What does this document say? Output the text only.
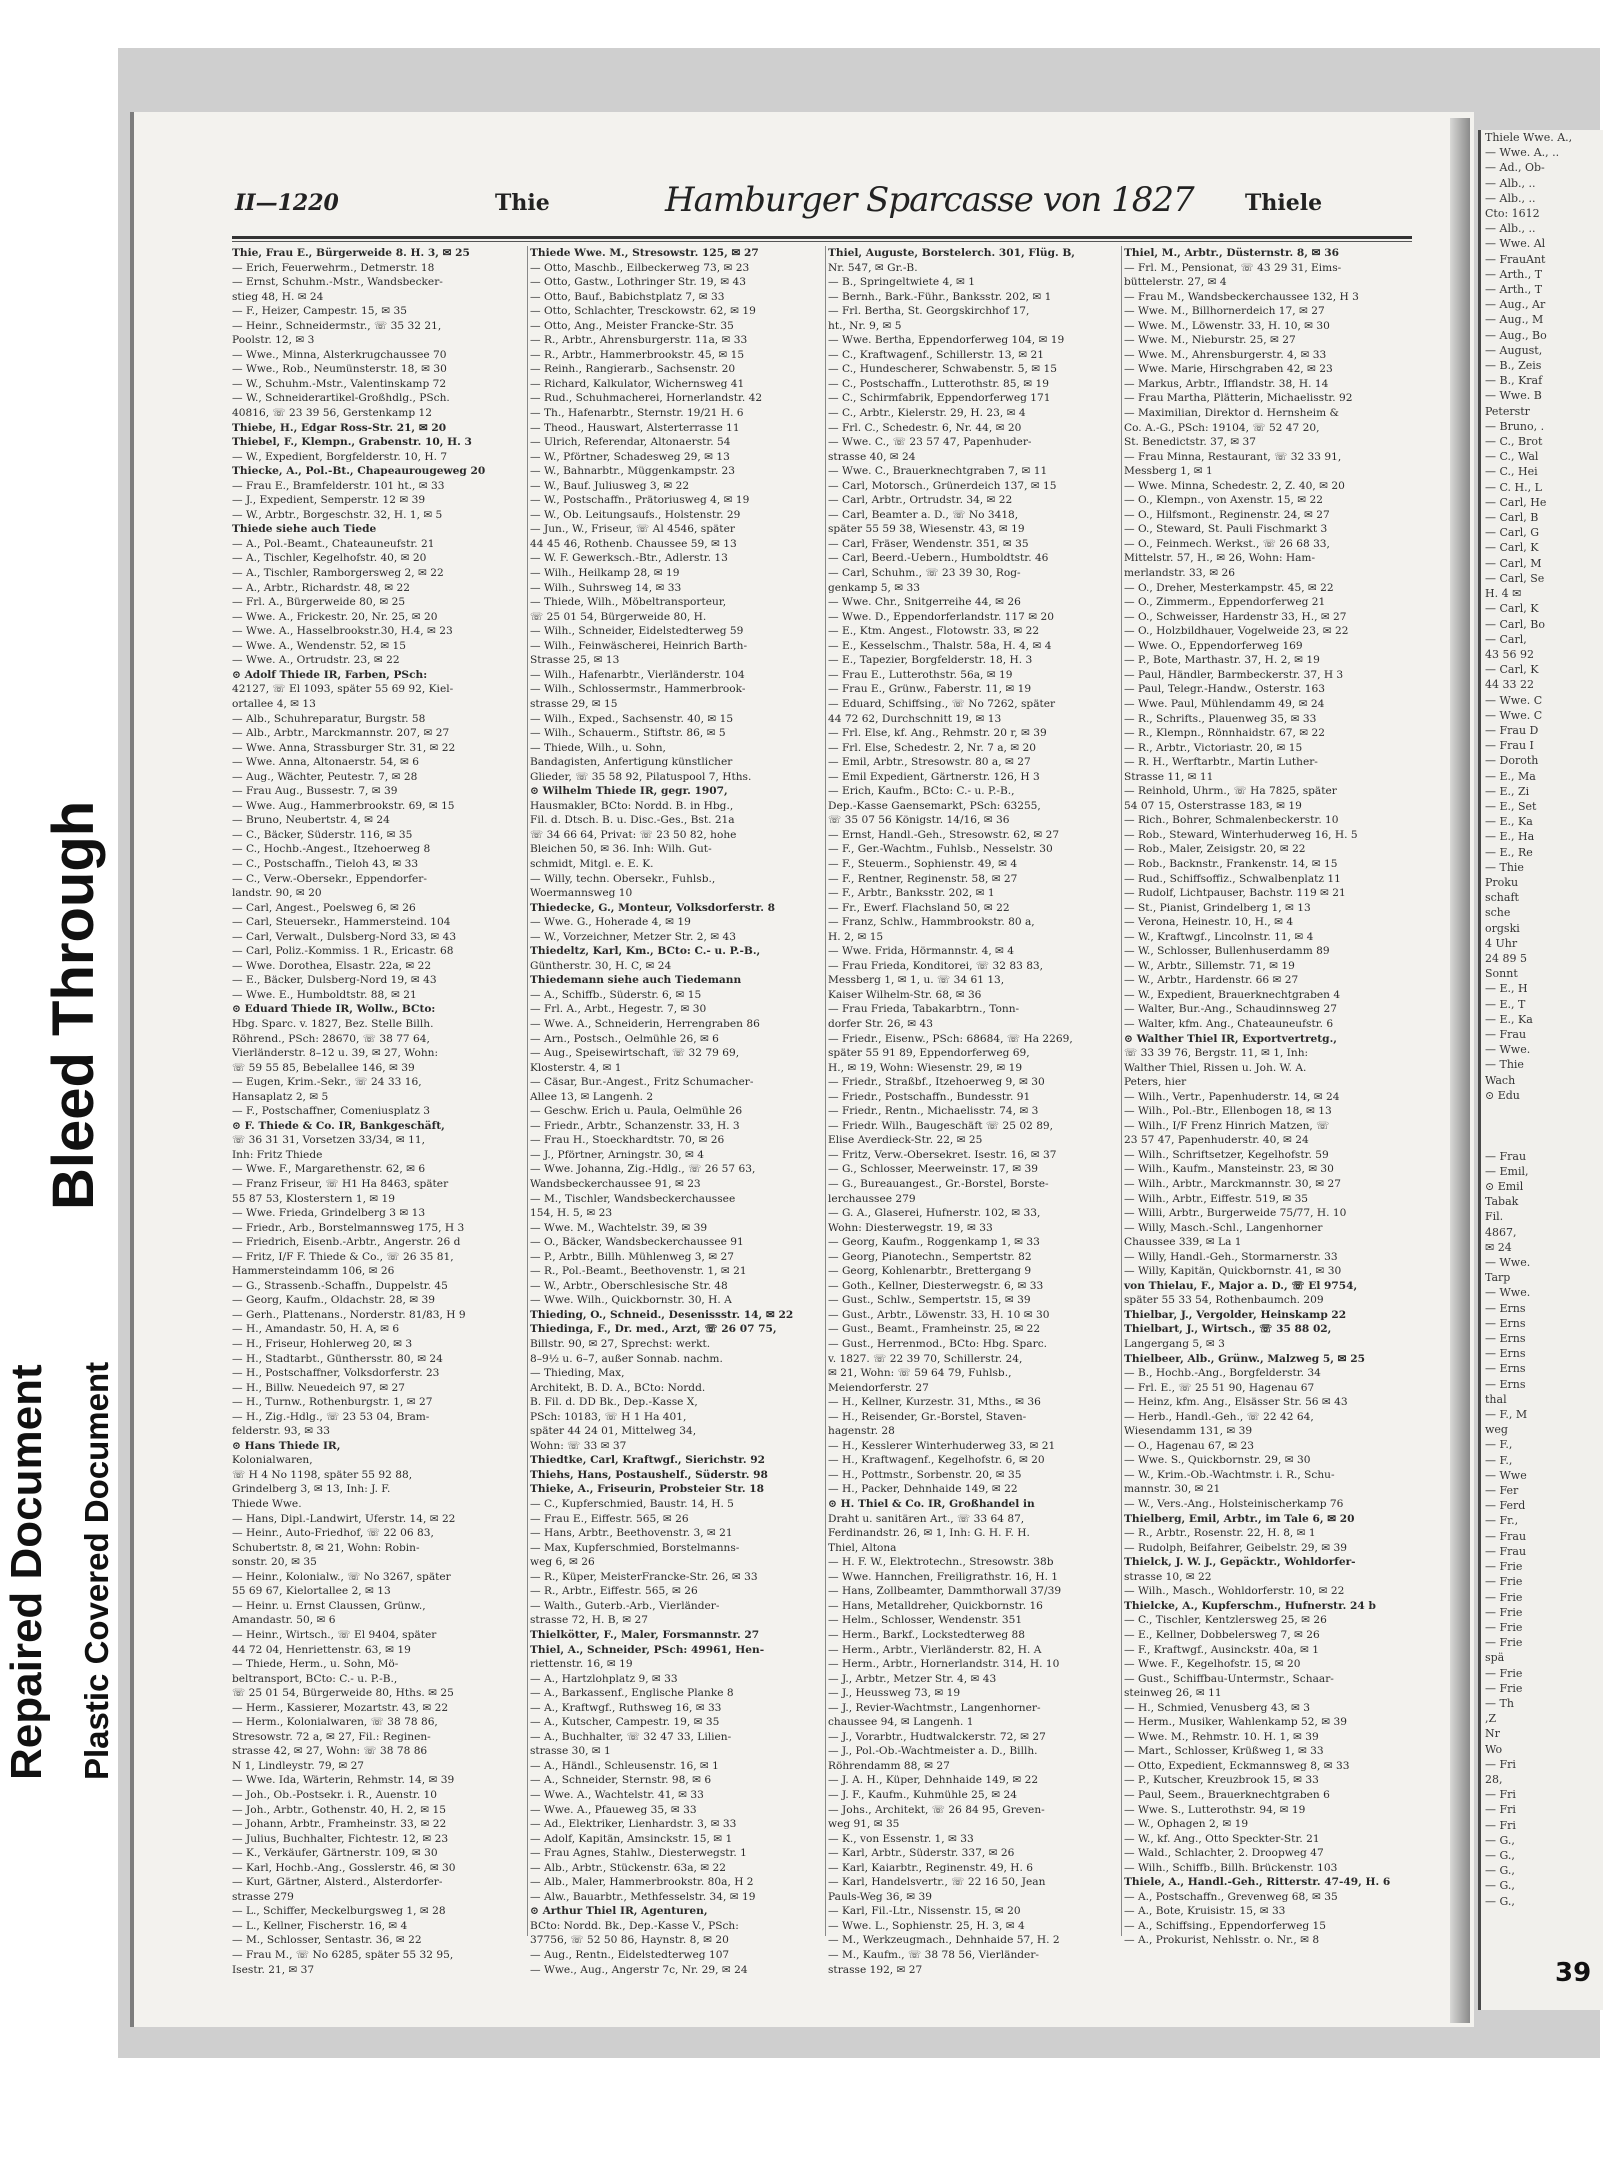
Repaired Document Plastic Covered Document
Bleed Through
Thiele Wwe. A.,
— Wwe. A., ..
— Ad., Ob-
— Alb., ..
— Alb., ..
Cto: 1612
— Alb., ..
— Wwe. Al
— FrauAnt
— Arth., T
— Arth., T
— Aug., Ar
— Aug., M
— Aug., Bo
— August,
— B., Zeis
— B., Kraf
— Wwe. B
Peterstr
— Bruno, .
— C., Brot
— C., Wal
— C., Hei
— C. H., L
— Carl, He
— Carl, B
— Carl, G
— Carl, K
— Carl, M
— Carl, Se
H. 4 ✉
— Carl, K
— Carl, Bo
— Carl,
43 56 92
— Carl, K
44 33 22
— Wwe. C
— Wwe. C
— Frau D
— Frau I
— Doroth
— E., Ma
— E., Zi
— E., Set
— E., Ka
— E., Ha
— E., Re
— Thie
Proku
schaft
sche
orgski
4 Uhr
24 89 5
Sonnt
— E., H
— E., T
— E., Ka
— Frau
— Wwe.
— Thie
Wach
⊙ Edu

— Frau
— Emil,
⊙ Emil
Tabak
Fil.
4867,
✉ 24
— Wwe.
Tarp
— Wwe.
— Erns
— Erns
— Erns
— Erns
— Erns
— Erns
thal
— F., M
weg
— F.,
— F.,
— Wwe
— Fer
— Ferd
— Fr.,
— Frau
— Frau
— Frie
— Frie
— Frie
— Frie
— Frie
— Frie
spä
— Frie
— Frie
— Th
,Z
Nr
Wo
— Fri
28,
— Fri
— Fri
— Fri
— G.,
— G.,
— G.,
— G.,
— G.,
II—1220	Thie	Hamburger Sparcasse von 1827 Thiele
Thie, Frau E., Bürgerweide 8. H. 3, ✉ 25
— Erich, Feuerwehrm., Detmerstr. 18
— Ernst, Schuhm.-Mstr., Wandsbecker-
stieg 48, H. ✉ 24
— F., Heizer, Campestr. 15, ✉ 35
— Heinr., Schneidermstr., ☏ 35 32 21,
Poolstr. 12, ✉ 3
— Wwe., Minna, Alsterkrugchaussee 70
— Wwe., Rob., Neumünsterstr. 18, ✉ 30
— W., Schuhm.-Mstr., Valentinskamp 72
— W., Schneiderartikel-Großhdlg., PSch.
40816, ☏ 23 39 56, Gerstenkamp 12
Thiebe, H., Edgar Ross-Str. 21, ✉ 20
Thiebel, F., Klempn., Grabenstr. 10, H. 3
— W., Expedient, Borgfelderstr. 10, H. 7
Thiecke, A., Pol.-Bt., Chapeaurougeweg 20
— Frau E., Bramfelderstr. 101 ht., ✉ 33
— J., Expedient, Semperstr. 12 ✉ 39
— W., Arbtr., Borgeschstr. 32, H. 1, ✉ 5
Thiede siehe auch Tiede
— A., Pol.-Beamt., Chateauneufstr. 21
— A., Tischler, Kegelhofstr. 40, ✉ 20
— A., Tischler, Ramborgersweg 2, ✉ 22
— A., Arbtr., Richardstr. 48, ✉ 22
— Frl. A., Bürgerweide 80, ✉ 25
— Wwe. A., Frickestr. 20, Nr. 25, ✉ 20
— Wwe. A., Hasselbrookstr.30, H.4, ✉ 23
— Wwe. A., Wendenstr. 52, ✉ 15
— Wwe. A., Ortrudstr. 23, ✉ 22
⊙ Adolf Thiede IR, Farben, PSch:
42127, ☏ El 1093, später 55 69 92, Kiel-
ortallee 4, ✉ 13
— Alb., Schuhreparatur, Burgstr. 58
— Alb., Arbtr., Marckmannstr. 207, ✉ 27
— Wwe. Anna, Strassburger Str. 31, ✉ 22
— Wwe. Anna, Altonaerstr. 54, ✉ 6
— Aug., Wächter, Peutestr. 7, ✉ 28
— Frau Aug., Bussestr. 7, ✉ 39
— Wwe. Aug., Hammerbrookstr. 69, ✉ 15
— Bruno, Neubertstr. 4, ✉ 24
— C., Bäcker, Süderstr. 116, ✉ 35
— C., Hochb.-Angest., Itzehoerweg 8
— C., Postschaffn., Tieloh 43, ✉ 33
— C., Verw.-Obersekr., Eppendorfer-
landstr. 90, ✉ 20
— Carl, Angest., Poelsweg 6, ✉ 26
— Carl, Steuersekr., Hammersteind. 104
— Carl, Verwalt., Dulsberg-Nord 33, ✉ 43
— Carl, Poliz.-Kommiss. 1 R., Ericastr. 68
— Wwe. Dorothea, Elsastr. 22a, ✉ 22
— E., Bäcker, Dulsberg-Nord 19, ✉ 43
— Wwe. E., Humboldtstr. 88, ✉ 21
⊙ Eduard Thiede IR, Wollw., BCto:
Hbg. Sparc. v. 1827, Bez. Stelle Billh.
Röhrend., PSch: 28670, ☏ 38 77 64,
Vierländerstr. 8–12 u. 39, ✉ 27, Wohn:
☏ 59 55 85, Bebelallee 146, ✉ 39
— Eugen, Krim.-Sekr., ☏ 24 33 16,
Hansaplatz 2, ✉ 5
— F., Postschaffner, Comeniusplatz 3
⊙ F. Thiede & Co. IR, Bankgeschäft,
☏ 36 31 31, Vorsetzen 33/34, ✉ 11,
Inh: Fritz Thiede
— Wwe. F., Margarethenstr. 62, ✉ 6
— Franz Friseur, ☏ H1 Ha 8463, später
55 87 53, Klosterstern 1, ✉ 19
— Wwe. Frieda, Grindelberg 3 ✉ 13
— Friedr., Arb., Borstelmannsweg 175, H 3
— Friedrich, Eisenb.-Arbtr., Angerstr. 26 d
— Fritz, I/F F. Thiede & Co., ☏ 26 35 81,
Hammersteindamm 106, ✉ 26
— G., Strassenb.-Schaffn., Duppelstr. 45
— Georg, Kaufm., Oldachstr. 28, ✉ 39
— Gerh., Plattenans., Norderstr. 81/83, H 9
— H., Amandastr. 50, H. A, ✉ 6
— H., Friseur, Hohlerweg 20, ✉ 3
— H., Stadtarbt., Günthersstr. 80, ✉ 24
— H., Postschaffner, Volksdorferstr. 23
— H., Billw. Neuedeich 97, ✉ 27
— H., Turnw., Rothenburgstr. 1, ✉ 27
— H., Zig.-Hdlg., ☏ 23 53 04, Bram-
felderstr. 93, ✉ 33
⊙ Hans Thiede IR,
Kolonialwaren,
☏ H 4 No 1198, später 55 92 88,
Grindelberg 3, ✉ 13, Inh: J. F.
Thiede Wwe.
— Hans, Dipl.-Landwirt, Uferstr. 14, ✉ 22
— Heinr., Auto-Friedhof, ☏ 22 06 83,
Schubertstr. 8, ✉ 21, Wohn: Robin-
sonstr. 20, ✉ 35
— Heinr., Kolonialw., ☏ No 3267, später
55 69 67, Kielortallee 2, ✉ 13
— Heinr. u. Ernst Claussen, Grünw.,
Amandastr. 50, ✉ 6
— Heinr., Wirtsch., ☏ El 9404, später
44 72 04, Henriettenstr. 63, ✉ 19
— Thiede, Herm., u. Sohn, Mö-
beltransport, BCto: C.- u. P.-B.,
☏ 25 01 54, Bürgerweide 80, Hths. ✉ 25
— Herm., Kassierer, Mozartstr. 43, ✉ 22
— Herm., Kolonialwaren, ☏ 38 78 86,
Stresowstr. 72 a, ✉ 27, Fil.: Reginen-
strasse 42, ✉ 27, Wohn: ☏ 38 78 86
N 1, Lindleystr. 79, ✉ 27
— Wwe. Ida, Wärterin, Rehmstr. 14, ✉ 39
— Joh., Ob.-Postsekr. i. R., Auenstr. 10
— Joh., Arbtr., Gothenstr. 40, H. 2, ✉ 15
— Johann, Arbtr., Framheinstr. 33, ✉ 22
— Julius, Buchhalter, Fichtestr. 12, ✉ 23
— K., Verkäufer, Gärtnerstr. 109, ✉ 30
— Karl, Hochb.-Ang., Gosslerstr. 46, ✉ 30
— Kurt, Gärtner, Alsterd., Alsterdorfer-
strasse 279
— L., Schiffer, Meckelburgsweg 1, ✉ 28
— L., Kellner, Fischerstr. 16, ✉ 4
— M., Schlosser, Sentastr. 36, ✉ 22
— Frau M., ☏ No 6285, später 55 32 95,
Isestr. 21, ✉ 37
Thiede Wwe. M., Stresowstr. 125, ✉ 27
— Otto, Maschb., Eilbeckerweg 73, ✉ 23
— Otto, Gastw., Lothringer Str. 19, ✉ 43
— Otto, Bauf., Babichstplatz 7, ✉ 33
— Otto, Schlachter, Tresckowstr. 62, ✉ 19
— Otto, Ang., Meister Francke-Str. 35
— R., Arbtr., Ahrensburgerstr. 11a, ✉ 33
— R., Arbtr., Hammerbrookstr. 45, ✉ 15
— Reinh., Rangierarb., Sachsenstr. 20
— Richard, Kalkulator, Wichernsweg 41
— Rud., Schuhmacherei, Hornerlandstr. 42
— Th., Hafenarbtr., Sternstr. 19/21 H. 6
— Theod., Hauswart, Alsterterrasse 11
— Ulrich, Referendar, Altonaerstr. 54
— W., Pförtner, Schadesweg 29, ✉ 13
— W., Bahnarbtr., Müggenkampstr. 23
— W., Bauf. Juliusweg 3, ✉ 22
— W., Postschaffn., Prätoriusweg 4, ✉ 19
— W., Ob. Leitungsaufs., Holstenstr. 29
— Jun., W., Friseur, ☏ Al 4546, später
44 45 46, Rothenb. Chaussee 59, ✉ 13
— W. F. Gewerksch.-Btr., Adlerstr. 13
— Wilh., Heilkamp 28, ✉ 19
— Wilh., Suhrsweg 14, ✉ 33
— Thiede, Wilh., Möbeltransporteur,
☏ 25 01 54, Bürgerweide 80, H.
— Wilh., Schneider, Eidelstedterweg 59
— Wilh., Feinwäscherei, Heinrich Barth-
Strasse 25, ✉ 13
— Wilh., Hafenarbtr., Vierländerstr. 104
— Wilh., Schlossermstr., Hammerbrook-
strasse 29, ✉ 15
— Wilh., Exped., Sachsenstr. 40, ✉ 15
— Wilh., Schauerm., Stiftstr. 86, ✉ 5
— Thiede, Wilh., u. Sohn,
Bandagisten, Anfertigung künstlicher
Glieder, ☏ 35 58 92, Pilatuspool 7, Hths.
⊙ Wilhelm Thiede IR, gegr. 1907,
Hausmakler, BCto: Nordd. B. in Hbg.,
Fil. d. Dtsch. B. u. Disc.-Ges., Bst. 21a
☏ 34 66 64, Privat: ☏ 23 50 82, hohe
Bleichen 50, ✉ 36. Inh: Wilh. Gut-
schmidt, Mitgl. e. E. K.
— Willy, techn. Obersekr., Fuhlsb.,
Woermannsweg 10
Thiedecke, G., Monteur, Volksdorferstr. 8
— Wwe. G., Hoherade 4, ✉ 19
— W., Vorzeichner, Metzer Str. 2, ✉ 43
Thiedeltz, Karl, Km., BCto: C.- u. P.-B.,
Güntherstr. 30, H. C, ✉ 24
Thiedemann siehe auch Tiedemann
— A., Schiffb., Süderstr. 6, ✉ 15
— Frl. A., Arbt., Hegestr. 7, ✉ 30
— Wwe. A., Schneiderin, Herrengraben 86
— Arn., Postsch., Oelmühle 26, ✉ 6
— Aug., Speisewirtschaft, ☏ 32 79 69,
Klosterstr. 4, ✉ 1
— Cäsar, Bur.-Angest., Fritz Schumacher-
Allee 13, ✉ Langenh. 2
— Geschw. Erich u. Paula, Oelmühle 26
— Friedr., Arbtr., Schanzenstr. 33, H. 3
— Frau H., Stoeckhardtstr. 70, ✉ 26
— J., Pförtner, Arningstr. 30, ✉ 4
— Wwe. Johanna, Zig.-Hdlg., ☏ 26 57 63,
Wandsbeckerchaussee 91, ✉ 23
— M., Tischler, Wandsbeckerchaussee
154, H. 5, ✉ 23
— Wwe. M., Wachtelstr. 39, ✉ 39
— O., Bäcker, Wandsbeckerchaussee 91
— P., Arbtr., Billh. Mühlenweg 3, ✉ 27
— R., Pol.-Beamt., Beethovenstr. 1, ✉ 21
— W., Arbtr., Oberschlesische Str. 48
— Wwe. Wilh., Quickbornstr. 30, H. A
Thieding, O., Schneid., Desenissstr. 14, ✉ 22
Thiedinga, F., Dr. med., Arzt, ☏ 26 07 75,
Billstr. 90, ✉ 27, Sprechst: werkt.
8–9½ u. 6–7, außer Sonnab. nachm.
— Thieding, Max,
Architekt, B. D. A., BCto: Nordd.
B. Fil. d. DD Bk., Dep.-Kasse X,
PSch: 10183, ☏ H 1 Ha 401,
später 44 24 01, Mittelweg 34,
Wohn: ☏ 33 ✉ 37
Thiedtke, Carl, Kraftwgf., Sierichstr. 92
Thiehs, Hans, Postaushelf., Süderstr. 98
Thieke, A., Friseurin, Probsteier Str. 18
— C., Kupferschmied, Baustr. 14, H. 5
— Frau E., Eiffestr. 565, ✉ 26
— Hans, Arbtr., Beethovenstr. 3, ✉ 21
— Max, Kupferschmied, Borstelmanns-
weg 6, ✉ 26
— R., Küper, MeisterFrancke-Str. 26, ✉ 33
— R., Arbtr., Eiffestr. 565, ✉ 26
— Walth., Guterb.-Arb., Vierländer-
strasse 72, H. B, ✉ 27
Thielkötter, F., Maler, Forsmannstr. 27
Thiel, A., Schneider, PSch: 49961, Hen-
riettenstr. 16, ✉ 19
— A., Hartzlohplatz 9, ✉ 33
— A., Barkassenf., Englische Planke 8
— A., Kraftwgf., Ruthsweg 16, ✉ 33
— A., Kutscher, Campestr. 19, ✉ 35
— A., Buchhalter, ☏ 32 47 33, Lilien-
strasse 30, ✉ 1
— A., Händl., Schleusenstr. 16, ✉ 1
— A., Schneider, Sternstr. 98, ✉ 6
— Wwe. A., Wachtelstr. 41, ✉ 33
— Wwe. A., Pfaueweg 35, ✉ 33
— Ad., Elektriker, Lienhardstr. 3, ✉ 33
— Adolf, Kapitän, Amsinckstr. 15, ✉ 1
— Frau Agnes, Stahlw., Diesterwegstr. 1
— Alb., Arbtr., Stückenstr. 63a, ✉ 22
— Alb., Maler, Hammerbrookstr. 80a, H 2
— Alw., Bauarbtr., Methfesselstr. 34, ✉ 19
⊙ Arthur Thiel IR, Agenturen,
BCto: Nordd. Bk., Dep.-Kasse V., PSch:
37756, ☏ 52 50 86, Haynstr. 8, ✉ 20
— Aug., Rentn., Eidelstedterweg 107
— Wwe., Aug., Angerstr 7c, Nr. 29, ✉ 24
Thiel, Auguste, Borstelerch. 301, Flüg. B,
Nr. 547, ✉ Gr.-B.
— B., Springeltwiete 4, ✉ 1
— Bernh., Bark.-Führ., Banksstr. 202, ✉ 1
— Frl. Bertha, St. Georgskirchhof 17,
ht., Nr. 9, ✉ 5
— Wwe. Bertha, Eppendorferweg 104, ✉ 19
— C., Kraftwagenf., Schillerstr. 13, ✉ 21
— C., Hundescherer, Schwabenstr. 5, ✉ 15
— C., Postschaffn., Lutterothstr. 85, ✉ 19
— C., Schirmfabrik, Eppendorferweg 171
— C., Arbtr., Kielerstr. 29, H. 23, ✉ 4
— Frl. C., Schedestr. 6, Nr. 44, ✉ 20
— Wwe. C., ☏ 23 57 47, Papenhuder-
strasse 40, ✉ 24
— Wwe. C., Brauerknechtgraben 7, ✉ 11
— Carl, Motorsch., Grünerdeich 137, ✉ 15
— Carl, Arbtr., Ortrudstr. 34, ✉ 22
— Carl, Beamter a. D., ☏ No 3418,
später 55 59 38, Wiesenstr. 43, ✉ 19
— Carl, Fräser, Wendenstr. 351, ✉ 35
— Carl, Beerd.-Uebern., Humboldtstr. 46
— Carl, Schuhm., ☏ 23 39 30, Rog-
genkamp 5, ✉ 33
— Wwe. Chr., Snitgerreihe 44, ✉ 26
— Wwe. D., Eppendorferlandstr. 117 ✉ 20
— E., Ktm. Angest., Flotowstr. 33, ✉ 22
— E., Kesselschm., Thalstr. 58a, H. 4, ✉ 4
— E., Tapezier, Borgfelderstr. 18, H. 3
— Frau E., Lutterothstr. 56a, ✉ 19
— Frau E., Grünw., Faberstr. 11, ✉ 19
— Eduard, Schiffsing., ☏ No 7262, später
44 72 62, Durchschnitt 19, ✉ 13
— Frl. Else, kf. Ang., Rehmstr. 20 r, ✉ 39
— Frl. Else, Schedestr. 2, Nr. 7 a, ✉ 20
— Emil, Arbtr., Stresowstr. 80 a, ✉ 27
— Emil Expedient, Gärtnerstr. 126, H 3
— Erich, Kaufm., BCto: C.- u. P.-B.,
Dep.-Kasse Gaensemarkt, PSch: 63255,
☏ 35 07 56 Königstr. 14/16, ✉ 36
— Ernst, Handl.-Geh., Stresowstr. 62, ✉ 27
— F., Ger.-Wachtm., Fuhlsb., Nesselstr. 30
— F., Steuerm., Sophienstr. 49, ✉ 4
— F., Rentner, Reginenstr. 58, ✉ 27
— F., Arbtr., Banksstr. 202, ✉ 1
— Fr., Ewerf. Flachsland 50, ✉ 22
— Franz, Schlw., Hammbrookstr. 80 a,
H. 2, ✉ 15
— Wwe. Frida, Hörmannstr. 4, ✉ 4
— Frau Frieda, Konditorei, ☏ 32 83 83,
Messberg 1, ✉ 1, u. ☏ 34 61 13,
Kaiser Wilhelm-Str. 68, ✉ 36
— Frau Frieda, Tabakarbtrn., Tonn-
dorfer Str. 26, ✉ 43
— Friedr., Eisenw., PSch: 68684, ☏ Ha 2269,
später 55 91 89, Eppendorferweg 69,
H., ✉ 19, Wohn: Wiesenstr. 29, ✉ 19
— Friedr., Straßbf., Itzehoerweg 9, ✉ 30
— Friedr., Postschaffn., Bundesstr. 91
— Friedr., Rentn., Michaelisstr. 74, ✉ 3
— Friedr. Wilh., Baugeschäft ☏ 25 02 89,
Elise Averdieck-Str. 22, ✉ 25
— Fritz, Verw.-Obersekret. Isestr. 16, ✉ 37
— G., Schlosser, Meerweinstr. 17, ✉ 39
— G., Bureauangest., Gr.-Borstel, Borste-
lerchaussee 279
— G. A., Glaserei, Hufnerstr. 102, ✉ 33,
Wohn: Diesterwegstr. 19, ✉ 33
— Georg, Kaufm., Roggenkamp 1, ✉ 33
— Georg, Pianotechn., Sempertstr. 82
— Georg, Kohlenarbtr., Brettergang 9
— Goth., Kellner, Diesterwegstr. 6, ✉ 33
— Gust., Schlw., Sempertstr. 15, ✉ 39
— Gust., Arbtr., Löwenstr. 33, H. 10 ✉ 30
— Gust., Beamt., Framheinstr. 25, ✉ 22
— Gust., Herrenmod., BCto: Hbg. Sparc.
v. 1827. ☏ 22 39 70, Schillerstr. 24,
✉ 21, Wohn: ☏ 59 64 79, Fuhlsb.,
Meiendorferstr. 27
— H., Kellner, Kurzestr. 31, Mths., ✉ 36
— H., Reisender, Gr.-Borstel, Staven-
hagenstr. 28
— H., Kesslerer Winterhuderweg 33, ✉ 21
— H., Kraftwagenf., Kegelhofstr. 6, ✉ 20
— H., Pottmstr., Sorbenstr. 20, ✉ 35
— H., Packer, Dehnhaide 149, ✉ 22
⊙ H. Thiel & Co. IR, Großhandel in
Draht u. sanitären Art., ☏ 33 64 87,
Ferdinandstr. 26, ✉ 1, Inh: G. H. F. H.
Thiel, Altona
— H. F. W., Elektrotechn., Stresowstr. 38b
— Wwe. Hannchen, Freiligrathstr. 16, H. 1
— Hans, Zollbeamter, Dammthorwall 37/39
— Hans, Metalldreher, Quickbornstr. 16
— Helm., Schlosser, Wendenstr. 351
— Herm., Barkf., Lockstedterweg 88
— Herm., Arbtr., Vierländerstr. 82, H. A
— Herm., Arbtr., Hornerlandstr. 314, H. 10
— J., Arbtr., Metzer Str. 4, ✉ 43
— J., Heussweg 73, ✉ 19
— J., Revier-Wachtmstr., Langenhorner-
chaussee 94, ✉ Langenh. 1
— J., Vorarbtr., Hudtwalckerstr. 72, ✉ 27
— J., Pol.-Ob.-Wachtmeister a. D., Billh.
Röhrendamm 88, ✉ 27
— J. A. H., Küper, Dehnhaide 149, ✉ 22
— J. F., Kaufm., Kuhmühle 25, ✉ 24
— Johs., Architekt, ☏ 26 84 95, Greven-
weg 91, ✉ 35
— K., von Essenstr. 1, ✉ 33
— Karl, Arbtr., Süderstr. 337, ✉ 26
— Karl, Kaiarbtr., Reginenstr. 49, H. 6
— Karl, Handelsvertr., ☏ 22 16 50, Jean
Pauls-Weg 36, ✉ 39
— Karl, Fil.-Ltr., Nissenstr. 15, ✉ 20
— Wwe. L., Sophienstr. 25, H. 3, ✉ 4
— M., Werkzeugmach., Dehnhaide 57, H. 2
— M., Kaufm., ☏ 38 78 56, Vierländer-
strasse 192, ✉ 27
Thiel, M., Arbtr., Düsternstr. 8, ✉ 36
— Frl. M., Pensionat, ☏ 43 29 31, Eims-
büttelerstr. 27, ✉ 4
— Frau M., Wandsbeckerchaussee 132, H 3
— Wwe. M., Billhornerdeich 17, ✉ 27
— Wwe. M., Löwenstr. 33, H. 10, ✉ 30
— Wwe. M., Nieburstr. 25, ✉ 27
— Wwe. M., Ahrensburgerstr. 4, ✉ 33
— Wwe. Marie, Hirschgraben 42, ✉ 23
— Markus, Arbtr., Ifflandstr. 38, H. 14
— Frau Martha, Plätterin, Michaelisstr. 92
— Maximilian, Direktor d. Hernsheim &
Co. A.-G., PSch: 19104, ☏ 52 47 20,
St. Benedictstr. 37, ✉ 37
— Frau Minna, Restaurant, ☏ 32 33 91,
Messberg 1, ✉ 1
— Wwe. Minna, Schedestr. 2, Z. 40, ✉ 20
— O., Klempn., von Axenstr. 15, ✉ 22
— O., Hilfsmont., Reginenstr. 24, ✉ 27
— O., Steward, St. Pauli Fischmarkt 3
— O., Feinmech. Werkst., ☏ 26 68 33,
Mittelstr. 57, H., ✉ 26, Wohn: Ham-
merlandstr. 33, ✉ 26
— O., Dreher, Mesterkampstr. 45, ✉ 22
— O., Zimmerm., Eppendorferweg 21
— O., Schweisser, Hardenstr 33, H., ✉ 27
— O., Holzbildhauer, Vogelweide 23, ✉ 22
— Wwe. O., Eppendorferweg 169
— P., Bote, Marthastr. 37, H. 2, ✉ 19
— Paul, Händler, Barmbeckerstr. 37, H 3
— Paul, Telegr.-Handw., Osterstr. 163
— Wwe. Paul, Mühlendamm 49, ✉ 24
— R., Schrifts., Plauenweg 35, ✉ 33
— R., Klempn., Rönnhaidstr. 67, ✉ 22
— R., Arbtr., Victoriastr. 20, ✉ 15
— R. H., Werftarbtr., Martin Luther-
Strasse 11, ✉ 11
— Reinhold, Uhrm., ☏ Ha 7825, später
54 07 15, Osterstrasse 183, ✉ 19
— Rich., Bohrer, Schmalenbeckerstr. 10
— Rob., Steward, Winterhuderweg 16, H. 5
— Rob., Maler, Zeisigstr. 20, ✉ 22
— Rob., Backnstr., Frankenstr. 14, ✉ 15
— Rud., Schiffsoffiz., Schwalbenplatz 11
— Rudolf, Lichtpauser, Bachstr. 119 ✉ 21
— St., Pianist, Grindelberg 1, ✉ 13
— Verona, Heinestr. 10, H., ✉ 4
— W., Kraftwgf., Lincolnstr. 11, ✉ 4
— W., Schlosser, Bullenhuserdamm 89
— W., Arbtr., Sillemstr. 71, ✉ 19
— W., Arbtr., Hardenstr. 66 ✉ 27
— W., Expedient, Brauerknechtgraben 4
— Walter, Bur.-Ang., Schaudinnsweg 27
— Walter, kfm. Ang., Chateauneufstr. 6
⊙ Walther Thiel IR, Exportvertretg.,
☏ 33 39 76, Bergstr. 11, ✉ 1, Inh:
Walther Thiel, Rissen u. Joh. W. A.
Peters, hier
— Wilh., Vertr., Papenhuderstr. 14, ✉ 24
— Wilh., Pol.-Btr., Ellenbogen 18, ✉ 13
— Wilh., I/F Frenz Hinrich Matzen, ☏
23 57 47, Papenhuderstr. 40, ✉ 24
— Wilh., Schriftsetzer, Kegelhofstr. 59
— Wilh., Kaufm., Mansteinstr. 23, ✉ 30
— Wilh., Arbtr., Marckmannstr. 30, ✉ 27
— Wilh., Arbtr., Eiffestr. 519, ✉ 35
— Willi, Arbtr., Burgerweide 75/77, H. 10
— Willy, Masch.-Schl., Langenhorner
Chaussee 339, ✉ La 1
— Willy, Handl.-Geh., Stormarnerstr. 33
— Willy, Kapitän, Quickbornstr. 41, ✉ 30
von Thielau, F., Major a. D., ☏ El 9754,
später 55 33 54, Rothenbaumch. 209
Thielbar, J., Vergolder, Heinskamp 22
Thielbart, J., Wirtsch., ☏ 35 88 02,
Langergang 5, ✉ 3
Thielbeer, Alb., Grünw., Malzweg 5, ✉ 25
— B., Hochb.-Ang., Borgfelderstr. 34
— Frl. E., ☏ 25 51 90, Hagenau 67
— Heinz, kfm. Ang., Elsässer Str. 56 ✉ 43
— Herb., Handl.-Geh., ☏ 22 42 64,
Wiesendamm 131, ✉ 39
— O., Hagenau 67, ✉ 23
— Wwe. S., Quickbornstr. 29, ✉ 30
— W., Krim.-Ob.-Wachtmstr. i. R., Schu-
mannstr. 30, ✉ 21
— W., Vers.-Ang., Holsteinischerkamp 76
Thielberg, Emil, Arbtr., im Tale 6, ✉ 20
— R., Arbtr., Rosenstr. 22, H. 8, ✉ 1
— Rudolph, Beifahrer, Geibelstr. 29, ✉ 39
Thielck, J. W. J., Gepäcktr., Wohldorfer-
strasse 10, ✉ 22
— Wilh., Masch., Wohldorferstr. 10, ✉ 22
Thielcke, A., Kupferschm., Hufnerstr. 24 b
— C., Tischler, Kentzlersweg 25, ✉ 26
— E., Kellner, Dobbelersweg 7, ✉ 26
— F., Kraftwgf., Ausinckstr. 40a, ✉ 1
— Wwe. F., Kegelhofstr. 15, ✉ 20
— Gust., Schiffbau-Untermstr., Schaar-
steinweg 26, ✉ 11
— H., Schmied, Venusberg 43, ✉ 3
— Herm., Musiker, Wahlenkamp 52, ✉ 39
— Wwe. M., Rehmstr. 10. H. 1, ✉ 39
— Mart., Schlosser, Krüßweg 1, ✉ 33
— Otto, Expedient, Eckmannsweg 8, ✉ 33
— P., Kutscher, Kreuzbrook 15, ✉ 33
— Paul, Seem., Brauerknechtgraben 6
— Wwe. S., Lutterothstr. 94, ✉ 19
— W., Ophagen 2, ✉ 19
— W., kf. Ang., Otto Speckter-Str. 21
— Wald., Schlachter, 2. Droopweg 47
— Wilh., Schiffb., Billh. Brückenstr. 103
Thiele, A., Handl.-Geh., Ritterstr. 47-49, H. 6
— A., Postschaffn., Grevenweg 68, ✉ 35
— A., Bote, Kruisistr. 15, ✉ 33
— A., Schiffsing., Eppendorferweg 15
— A., Prokurist, Nehlsstr. o. Nr., ✉ 8
39
